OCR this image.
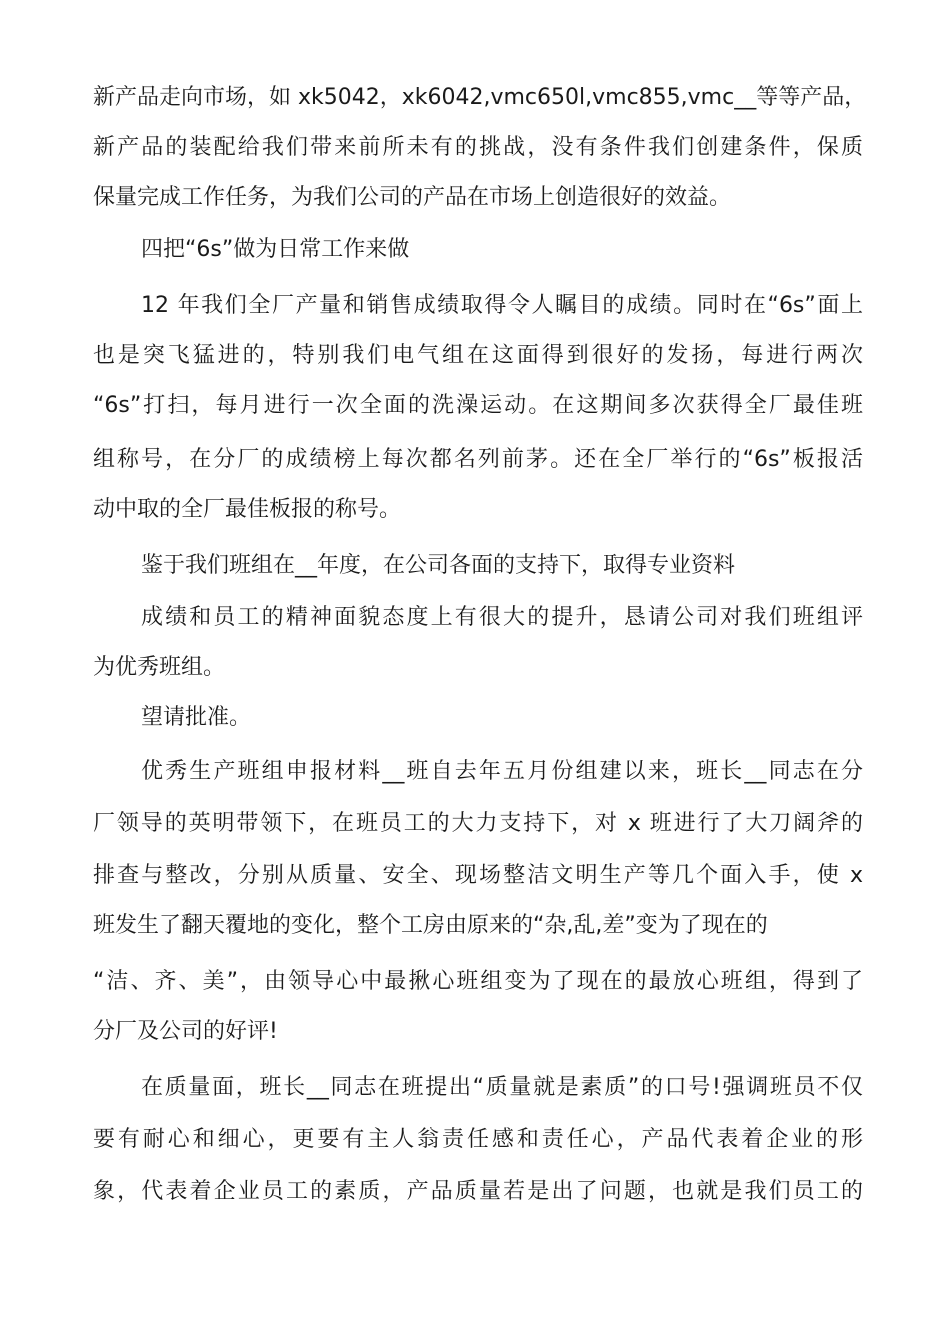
新产品走向市场，如 xk5042，xk6042,vmc650l,vmc855,vmc__等等产品，
新产品的装配给我们带来前所未有的挑战，没有条件我们创建条件，保质
保量完成工作任务，为我们公司的产品在市场上创造很好的效益。
四把“6s”做为日常工作来做
12 年我们全厂产量和销售成绩取得令人瞩目的成绩。同时在“6s”面上
也是突飞猛进的，特别我们电气组在这面得到很好的发扬，每进行两次
“6s”打扫，每月进行一次全面的洗澡运动。在这期间多次获得全厂最佳班
组称号，在分厂的成绩榜上每次都名列前茅。还在全厂举行的“6s”板报活
动中取的全厂最佳板报的称号。
鉴于我们班组在__年度，在公司各面的支持下，取得专业资料
成绩和员工的精神面貌态度上有很大的提升，恳请公司对我们班组评
为优秀班组。
望请批准。
优秀生产班组申报材料__班自去年五月份组建以来，班长__同志在分
厂领导的英明带领下，在班员工的大力支持下，对 x 班进行了大刀阔斧的
排查与整改，分别从质量、安全、现场整洁文明生产等几个面入手，使 x
班发生了翻天覆地的变化，整个工房由原来的“杂,乱,差”变为了现在的
“洁、齐、美”，由领导心中最揪心班组变为了现在的最放心班组，得到了
分厂及公司的好评!
在质量面，班长__同志在班提出“质量就是素质”的口号!强调班员不仅
要有耐心和细心，更要有主人翁责任感和责任心，产品代表着企业的形
象，代表着企业员工的素质，产品质量若是出了问题，也就是我们员工的
